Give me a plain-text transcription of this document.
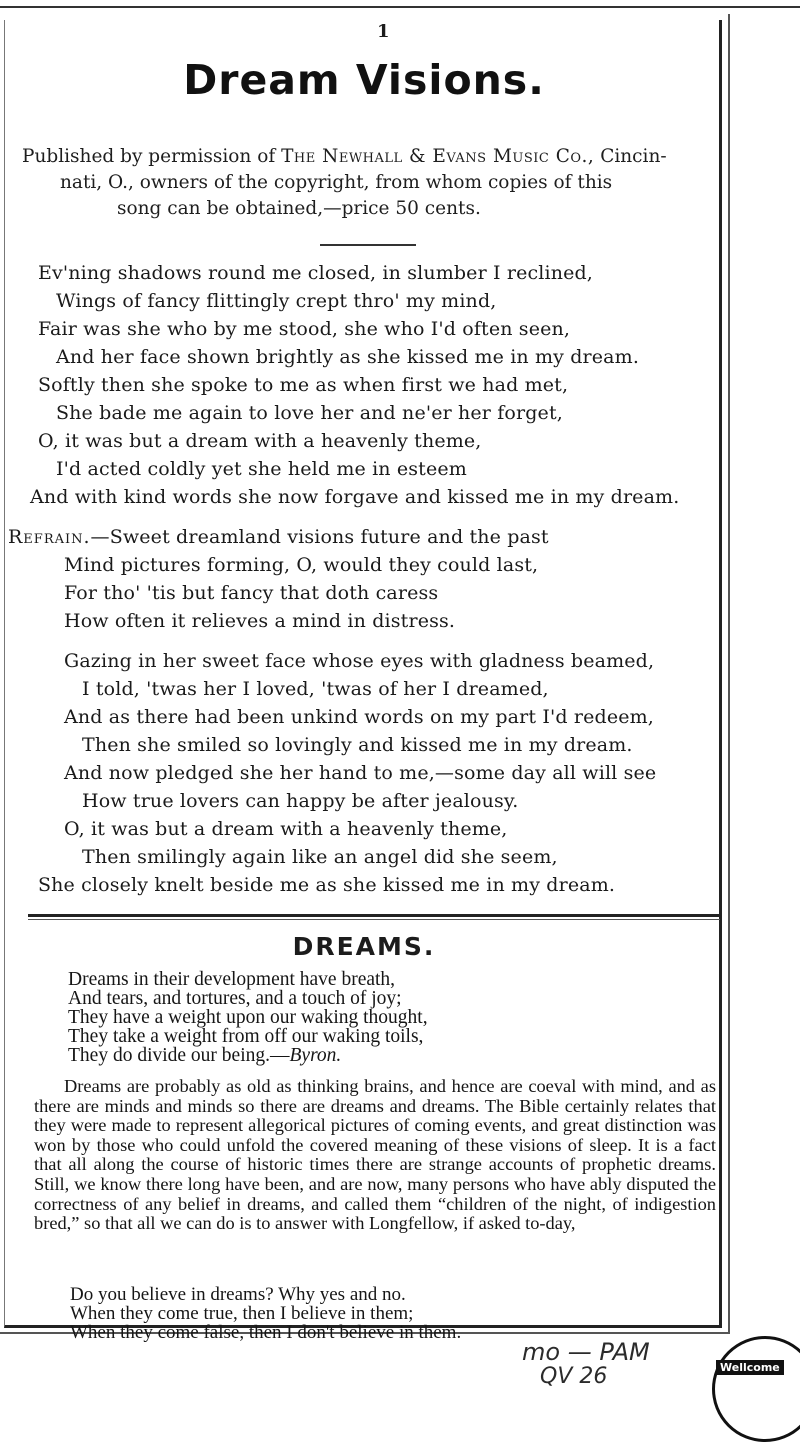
1
Dream Visions.
Published by permission of The Newhall & Evans Music Co., Cincin-
nati, O., owners of the copyright, from whom copies of this
song can be obtained,—price 50 cents.
Ev'ning shadows round me closed, in slumber I reclined,
Wings of fancy flittingly crept thro' my mind,
Fair was she who by me stood, she who I'd often seen,
And her face shown brightly as she kissed me in my dream.
Softly then she spoke to me as when first we had met,
She bade me again to love her and ne'er her forget,
O, it was but a dream with a heavenly theme,
I'd acted coldly yet she held me in esteem
And with kind words she now forgave and kissed me in my dream.
Refrain.—Sweet dreamland visions future and the past
Mind pictures forming, O, would they could last,
For tho' 'tis but fancy that doth caress
How often it relieves a mind in distress.
Gazing in her sweet face whose eyes with gladness beamed,
I told, 'twas her I loved, 'twas of her I dreamed,
And as there had been unkind words on my part I'd redeem,
Then she smiled so lovingly and kissed me in my dream.
And now pledged she her hand to me,—some day all will see
How true lovers can happy be after jealousy.
O, it was but a dream with a heavenly theme,
Then smilingly again like an angel did she seem,
She closely knelt beside me as she kissed me in my dream.
DREAMS.
Dreams in their development have breath,
And tears, and tortures, and a touch of joy;
They have a weight upon our waking thought,
They take a weight from off our waking toils,
They do divide our being.—Byron.
Dreams are probably as old as thinking brains, and hence are coeval with mind, and as there are minds and minds so there are dreams and dreams. The Bible certainly relates that they were made to represent allegorical pictures of coming events, and great distinction was won by those who could unfold the covered meaning of these visions of sleep. It is a fact that all along the course of historic times there are strange accounts of prophetic dreams. Still, we know there long have been, and are now, many persons who have ably disputed the correctness of any belief in dreams, and called them “children of the night, of indigestion bred,” so that all we can do is to answer with Longfellow, if asked to-day,
Do you believe in dreams? Why yes and no.
When they come true, then I believe in them;
When they come false, then I don't believe in them.
mo — PAM
QV 26	Wellcome
